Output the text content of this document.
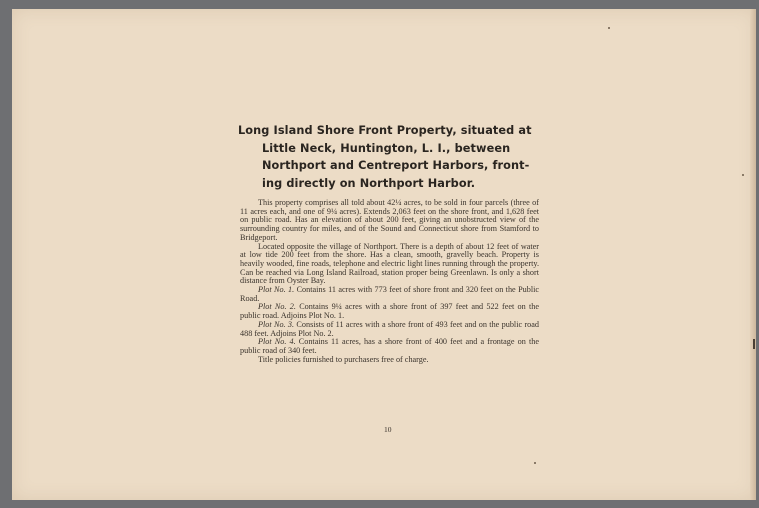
Long Island Shore Front Property, situated at
Little Neck, Huntington, L. I., between
Northport and Centreport Harbors, front-
ing directly on Northport Harbor.

This property comprises all told about 42¼ acres, to be sold in four parcels (three of 11 acres each, and one of 9¼ acres). Extends 2,063 feet on the shore front, and 1,628 feet on public road. Has an elevation of about 200 feet, giving an unobstructed view of the surrounding country for miles, and of the Sound and Connecticut shore from Stamford to Bridgeport.

Located opposite the village of Northport. There is a depth of about 12 feet of water at low tide 200 feet from the shore. Has a clean, smooth, gravelly beach. Property is heavily wooded, fine roads, telephone and electric light lines running through the property. Can be reached via Long Island Railroad, station proper being Greenlawn. Is only a short distance from Oyster Bay.

Plot No. 1. Contains 11 acres with 773 feet of shore front and 320 feet on the Public Road.

Plot No. 2. Contains 9¼ acres with a shore front of 397 feet and 522 feet on the public road. Adjoins Plot No. 1.

Plot No. 3. Consists of 11 acres with a shore front of 493 feet and on the public road 488 feet. Adjoins Plot No. 2.

Plot No. 4. Contains 11 acres, has a shore front of 400 feet and a frontage on the public road of 340 feet.

Title policies furnished to purchasers free of charge.

10
